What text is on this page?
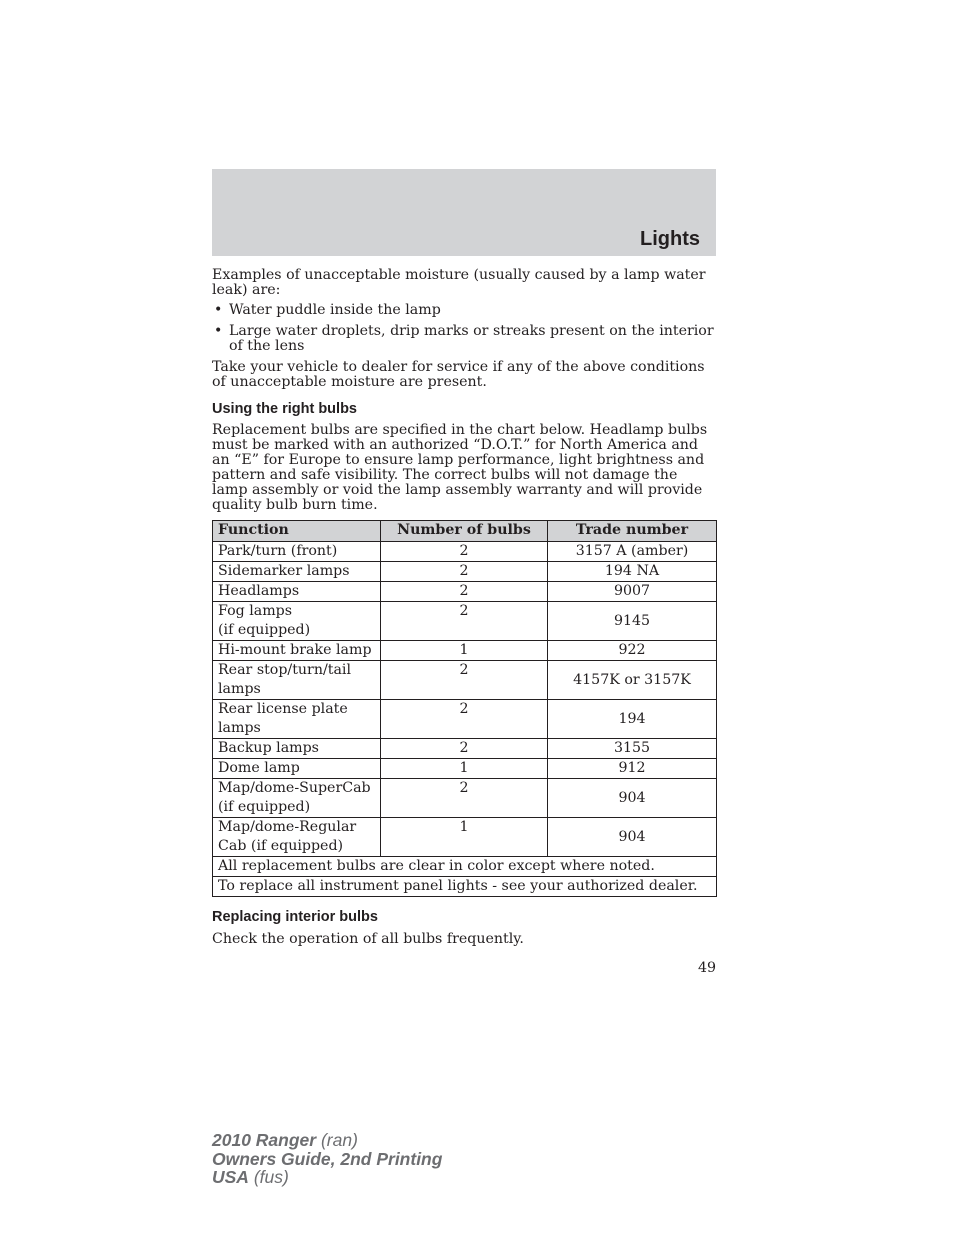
Lights

Examples of unacceptable moisture (usually caused by a lamp water leak) are:

• Water puddle inside the lamp
• Large water droplets, drip marks or streaks present on the interior of the lens

Take your vehicle to dealer for service if any of the above conditions of unacceptable moisture are present.

Using the right bulbs

Replacement bulbs are specified in the chart below. Headlamp bulbs must be marked with an authorized “D.O.T.” for North America and an “E” for Europe to ensure lamp performance, light brightness and pattern and safe visibility. The correct bulbs will not damage the lamp assembly or void the lamp assembly warranty and will provide quality bulb burn time.

Function	Number of bulbs	Trade number
Park/turn (front)	2	3157 A (amber)
Sidemarker lamps	2	194 NA
Headlamps	2	9007
Fog lamps
(if equipped)	2	9145
Hi-mount brake lamp	1	922
Rear stop/turn/tail
lamps	2	4157K or 3157K
Rear license plate
lamps	2	194
Backup lamps	2	3155
Dome lamp	1	912
Map/dome-SuperCab
(if equipped)	2	904
Map/dome-Regular
Cab (if equipped)	1	904
All replacement bulbs are clear in color except where noted.		
To replace all instrument panel lights - see your authorized dealer.		
Replacing interior bulbs

Check the operation of all bulbs frequently.

49
2010 Ranger (ran)
Owners Guide, 2nd Printing
USA (fus)
